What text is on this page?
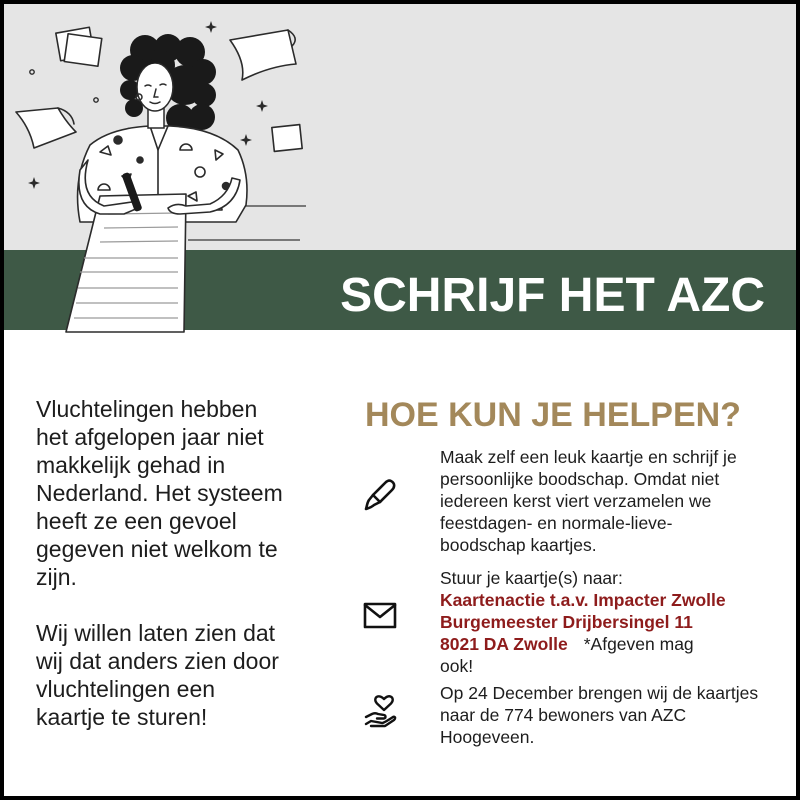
SCHRIJF HET AZC

Vluchtelingen hebben
het afgelopen jaar niet
makkelijk gehad in
Nederland. Het systeem
heeft ze een gevoel
gegeven niet welkom te
zijn.

Wij willen laten zien dat
wij dat anders zien door
vluchtelingen een
kaartje te sturen!

HOE KUN JE HELPEN?
Maak zelf een leuk kaartje en schrijf je
persoonlijke boodschap. Omdat niet
iedereen kerst viert verzamelen we
feestdagen- en normale-lieve-
boodschap kaartjes.
Stuur je kaartje(s) naar:
Kaartenactie t.a.v. Impacter Zwolle
Burgemeester Drijbersingel 11
8021 DA Zwolle *Afgeven mag
ook!
Op 24 December brengen wij de kaartjes
naar de 774 bewoners van AZC
Hoogeveen.
